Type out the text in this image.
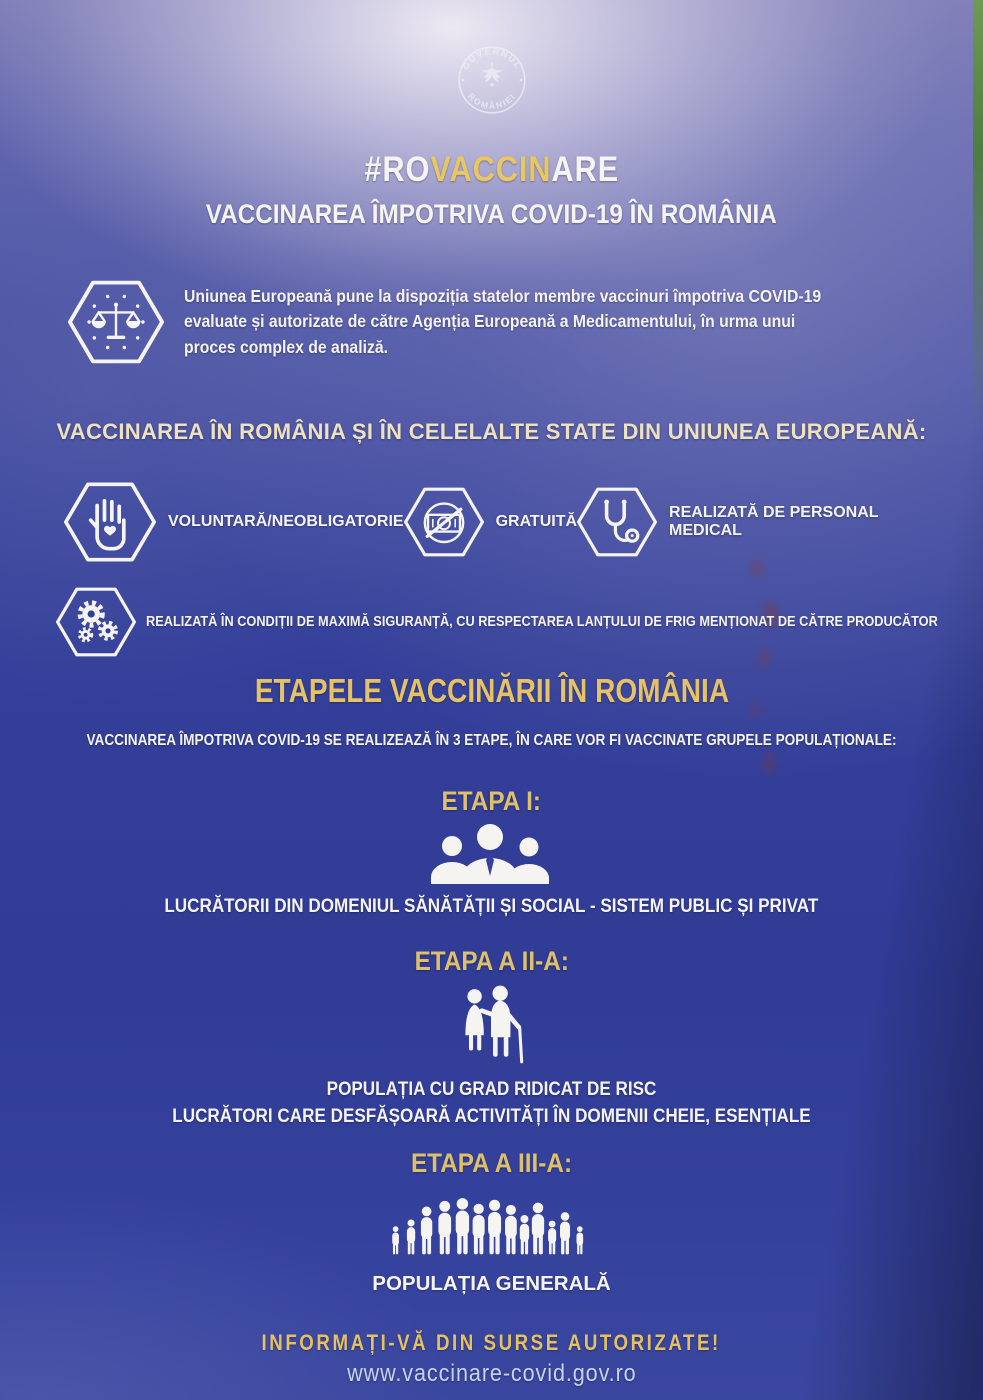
GUVERNUL
ROMÂNIEI
#ROVACCINARE
VACCINAREA ÎMPOTRIVA COVID-19 ÎN ROMÂNIA
Uniunea Europeană pune la dispoziția statelor membre vaccinuri împotriva COVID-19 evaluate și autorizate de către Agenția Europeană a Medicamentului, în urma unui proces complex de analiză.
VACCINAREA ÎN ROMÂNIA ȘI ÎN CELELALTE STATE DIN UNIUNEA EUROPEANĂ:
VOLUNTARĂ/NEOBLIGATORIE	GRATUITĂ
REALIZATĂ DE PERSONAL MEDICAL
REALIZATĂ ÎN CONDIȚII DE MAXIMĂ SIGURANȚĂ, CU RESPECTAREA LANȚULUI DE FRIG MENȚIONAT DE CĂTRE PRODUCĂTOR
ETAPELE VACCINĂRII ÎN ROMÂNIA
VACCINAREA ÎMPOTRIVA COVID-19 SE REALIZEAZĂ ÎN 3 ETAPE, ÎN CARE VOR FI VACCINATE GRUPELE POPULAȚIONALE:
ETAPA I:
LUCRĂTORII DIN DOMENIUL SĂNĂTĂȚII ȘI SOCIAL - SISTEM PUBLIC ȘI PRIVAT
ETAPA A II-A:
POPULAȚIA CU GRAD RIDICAT DE RISC
LUCRĂTORI CARE DESFĂȘOARĂ ACTIVITĂȚI ÎN DOMENII CHEIE, ESENȚIALE
ETAPA A III-A:
POPULAȚIA GENERALĂ
INFORMAȚI-VĂ DIN SURSE AUTORIZATE!
www.vaccinare-covid.gov.ro
